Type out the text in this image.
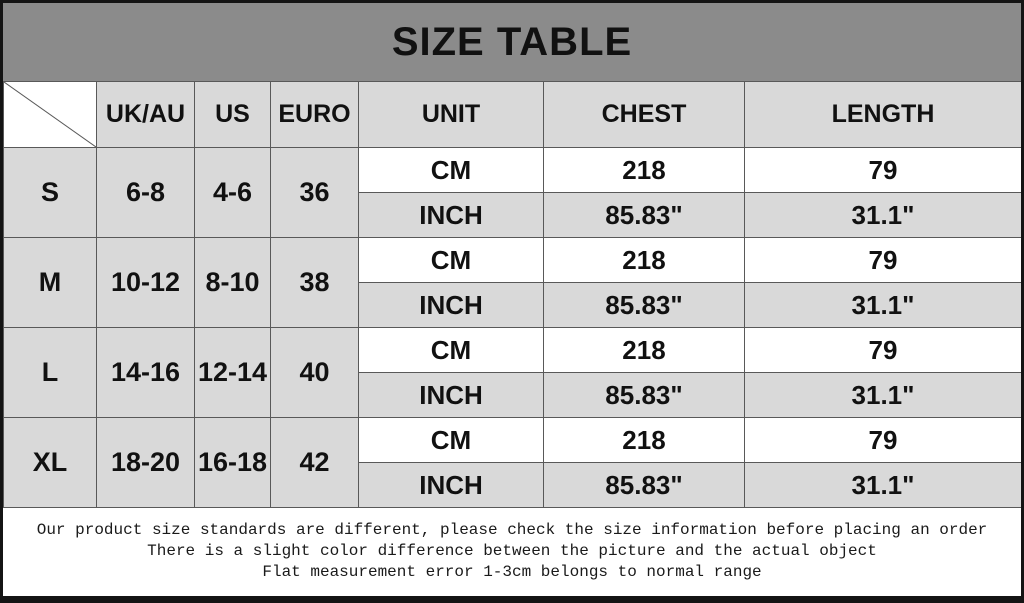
SIZE TABLE
	UK/AU	US	EURO	UNIT	CHEST	LENGTH
S	6-8	4-6	36	CM	218	79
				INCH	85.83"	31.1"
M	10-12	8-10	38	CM	218	79
				INCH	85.83"	31.1"
L	14-16	12-14	40	CM	218	79
				INCH	85.83"	31.1"
XL	18-20	16-18	42	CM	218	79
				INCH	85.83"	31.1"
Our product size standards are different, please check the size information before placing an order
There is a slight color difference between the picture and the actual object
Flat measurement error 1-3cm belongs to normal range
